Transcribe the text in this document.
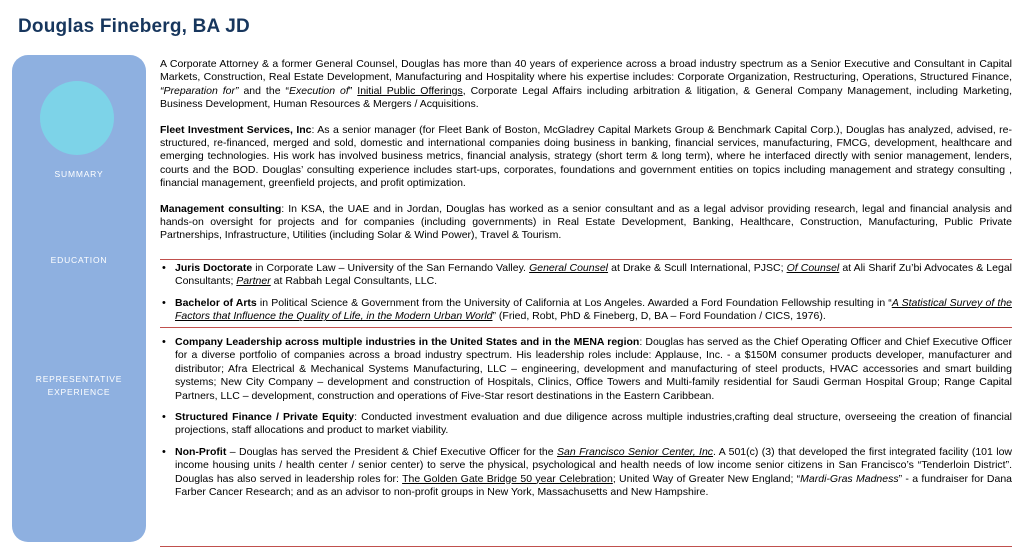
Douglas Fineberg, BA JD
SUMMARY
EDUCATION
REPRESENTATIVE EXPERIENCE

A Corporate Attorney & a former General Counsel, Douglas has more than 40 years of experience across a broad industry spectrum as a Senior Executive and Consultant in Capital Markets, Construction, Real Estate Development, Manufacturing and Hospitality where his expertise includes: Corporate Organization, Restructuring, Operations, Structured Finance, “Preparation for” and the “Execution of” Initial Public Offerings, Corporate Legal Affairs including arbitration & litigation, & General Company Management, including Marketing, Business Development, Human Resources & Mergers / Acquisitions.

Fleet Investment Services, Inc: As a senior manager (for Fleet Bank of Boston, McGladrey Capital Markets Group & Benchmark Capital Corp.), Douglas has analyzed, advised, re-structured, re-financed, merged and sold, domestic and international companies doing business in banking, financial services, manufacturing, FMCG, development, healthcare and emerging technologies. His work has involved business metrics, financial analysis, strategy (short term & long term), where he interfaced directly with senior management, lenders, courts and the BOD. Douglas’ consulting experience includes start-ups, corporates, foundations and government entities on topics including management and strategy consulting , financial management, greenfield projects, and profit optimization.

Management consulting: In KSA, the UAE and in Jordan, Douglas has worked as a senior consultant and as a legal advisor providing research, legal and financial analysis and hands-on oversight for projects and for companies (including governments) in Real Estate Development, Banking, Healthcare, Construction, Manufacturing, Public Private Partnerships, Infrastructure, Utilities (including Solar & Wind Power), Travel & Tourism.

• Juris Doctorate in Corporate Law – University of the San Fernando Valley. General Counsel at Drake & Scull International, PJSC; Of Counsel at Ali Sharif Zu’bi Advocates & Legal Consultants; Partner at Rabbah Legal Consultants, LLC.
• Bachelor of Arts in Political Science & Government from the University of California at Los Angeles. Awarded a Ford Foundation Fellowship resulting in “A Statistical Survey of the Factors that Influence the Quality of Life, in the Modern Urban World” (Fried, Robt, PhD & Fineberg, D, BA – Ford Foundation / CICS, 1976).
• Company Leadership across multiple industries in the United States and in the MENA region: Douglas has served as the Chief Operating Officer and Chief Executive Officer for a diverse portfolio of companies across a broad industry spectrum. His leadership roles include: Applause, Inc. - a $150M consumer products developer, manufacturer and distributor; Afra Electrical & Mechanical Systems Manufacturing, LLC – engineering, development and manufacturing of steel products, HVAC accessories and smart building systems; New City Company – development and construction of Hospitals, Clinics, Office Towers and Multi-family residential for Saudi German Hospital Group; Range Capital Partners, LLC – development, construction and operations of Five-Star resort destinations in the Eastern Caribbean.
• Structured Finance / Private Equity: Conducted investment evaluation and due diligence across multiple industries,crafting deal structure, overseeing the creation of financial projections, staff allocations and product to market viability.
• Non-Profit – Douglas has served the President & Chief Executive Officer for the San Francisco Senior Center, Inc. A 501(c) (3) that developed the first integrated facility (101 low income housing units / health center / senior center) to serve the physical, psychological and health needs of low income senior citizens in San Francisco’s “Tenderloin District”. Douglas has also served in leadership roles for: The Golden Gate Bridge 50 year Celebration; United Way of Greater New England; “Mardi-Gras Madness” - a fundraiser for Dana Farber Cancer Research; and as an advisor to non-profit groups in New York, Massachusetts and New Hampshire.
